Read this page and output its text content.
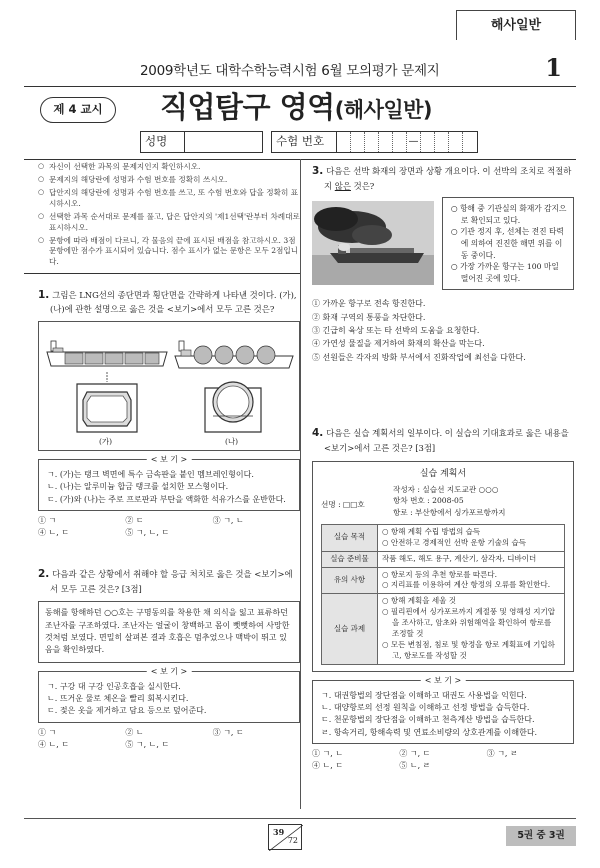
해사일반
2009학년도 대학수학능력시험 6월 모의평가 문제지	1
제 4 교시	직업탐구 영역(해사일반)
성명	수험 번호	—
○ 자신이 선택한 과목의 문제지인지 확인하시오.
○ 문제지의 해당란에 성명과 수험 번호를 정확히 쓰시오.
○ 답안지의 해당란에 성명과 수험 번호를 쓰고, 또 수험 번호와 답을 정확히 표시하시오.
○ 선택한 과목 순서대로 문제를 풀고, 답은 답안지의 '제1선택'란부터 차례대로 표시하시오.
○ 문항에 따라 배점이 다르니, 각 물음의 끝에 표시된 배점을 참고하시오. 3점 문항에만 점수가 표시되어 있습니다. 점수 표시가 없는 문항은 모두 2점입니다.

1. 그림은 LNG선의 종단면과 횡단면을 간략하게 나타낸 것이다. (가), (나)에 관한 설명으로 옳은 것을 <보기>에서 모두 고른 것은?

(가)	(나)
< 보 기 >

ㄱ. (가)는 탱크 벽면에 특수 금속판을 붙인 멤브레인형이다.

ㄴ. (나)는 알루미늄 합금 탱크를 설치한 모스형이다.

ㄷ. (가)와 (나)는 주로 프로판과 부탄을 액화한 석유가스를 운반한다.

① ㄱ	② ㄷ	③ ㄱ, ㄴ
④ ㄴ, ㄷ	⑤ ㄱ, ㄴ, ㄷ

2. 다음과 같은 상황에서 취해야 할 응급 처치로 옳은 것을 <보기>에서 모두 고른 것은? [3점]

동해를 항해하던 ○○호는 구명동의를 착용한 채 의식을 잃고 표류하던 조난자를 구조하였다. 조난자는 얼굴이 창백하고 몸이 뻣뻣하여 사망한 것처럼 보였다. 면밀히 살펴본 결과 호흡은 멈추었으나 맥박이 뛰고 있음을 확인하였다.
< 보 기 >

ㄱ. 구강 대 구강 인공호흡을 실시한다.

ㄴ. 뜨거운 물로 체온을 빨리 회복시킨다.

ㄷ. 젖은 옷을 제거하고 담요 등으로 덮어준다.

① ㄱ	② ㄴ	③ ㄱ, ㄷ
④ ㄴ, ㄷ	⑤ ㄱ, ㄴ, ㄷ

3. 다음은 선박 화재의 장면과 상황 개요이다. 이 선박의 조치로 적절하지 않은 것은?

○ 항해 중 기관실의 화재가 감지으로 확인되고 있다.

○ 기관 정지 후, 선체는 전진 타력에 의하여 진진한 해면 위를 이동 중이다.

○ 가장 가까운 항구는 100 마일 떨어진 곳에 있다.

① 가까운 항구로 전속 항진한다.
② 화재 구역의 통풍을 차단한다.
③ 긴급히 육상 또는 타 선박의 도움을 요청한다.
④ 가연성 물질을 제거하여 화재의 확산을 막는다.
⑤ 선원들은 각자의 방화 부서에서 진화작업에 최선을 다한다.

4. 다음은 실습 계획서의 일부이다. 이 실습의 기대효과로 옳은 내용을 <보기>에서 고른 것은? [3점]

실습 계획서
선명 : □□호

작성자 : 실습선 지도교관 ○○○

항차 번호 : 2008-05

항로 : 부산항에서 싱가포르항까지

실습 목적	○ 항해 계획 수립 방법의 습득

○ 안전하고 경제적인 선박 운항 기술의 습득

실습 준비물	작품 해도, 해도 용구, 계산기, 삼각자, 디바이더

유의 사항	○ 항로지 등의 추천 항로를 따른다.

○ 지리표를 이용하여 계산 항정의 오류를 확인한다.

실습 과제	○ 항해 계획을 세울 것

○ 필리핀에서 싱가포르까지 계절풍 및 영해성 지기압을 조사하고, 암초와 위험해역을 확인하여 항로를 조정할 것

○ 모든 변침점, 침로 및 항정을 항로 계획표에 기입하고, 항로도를 작성할 것

< 보 기 >

ㄱ. 대권항법의 장단점을 이해하고 대권도 사용법을 익힌다.

ㄴ. 대양항로의 선정 원칙을 이해하고 선정 방법을 습득한다.

ㄷ. 천문항법의 장단점을 이해하고 천측계산 방법을 습득한다.

ㄹ. 항속거리, 항해속력 및 연료소비량의 상호관계를 이해한다.

① ㄱ, ㄴ	② ㄱ, ㄷ	③ ㄱ, ㄹ
④ ㄴ, ㄷ	⑤ ㄴ, ㄹ
39
72
5권 중 3권
